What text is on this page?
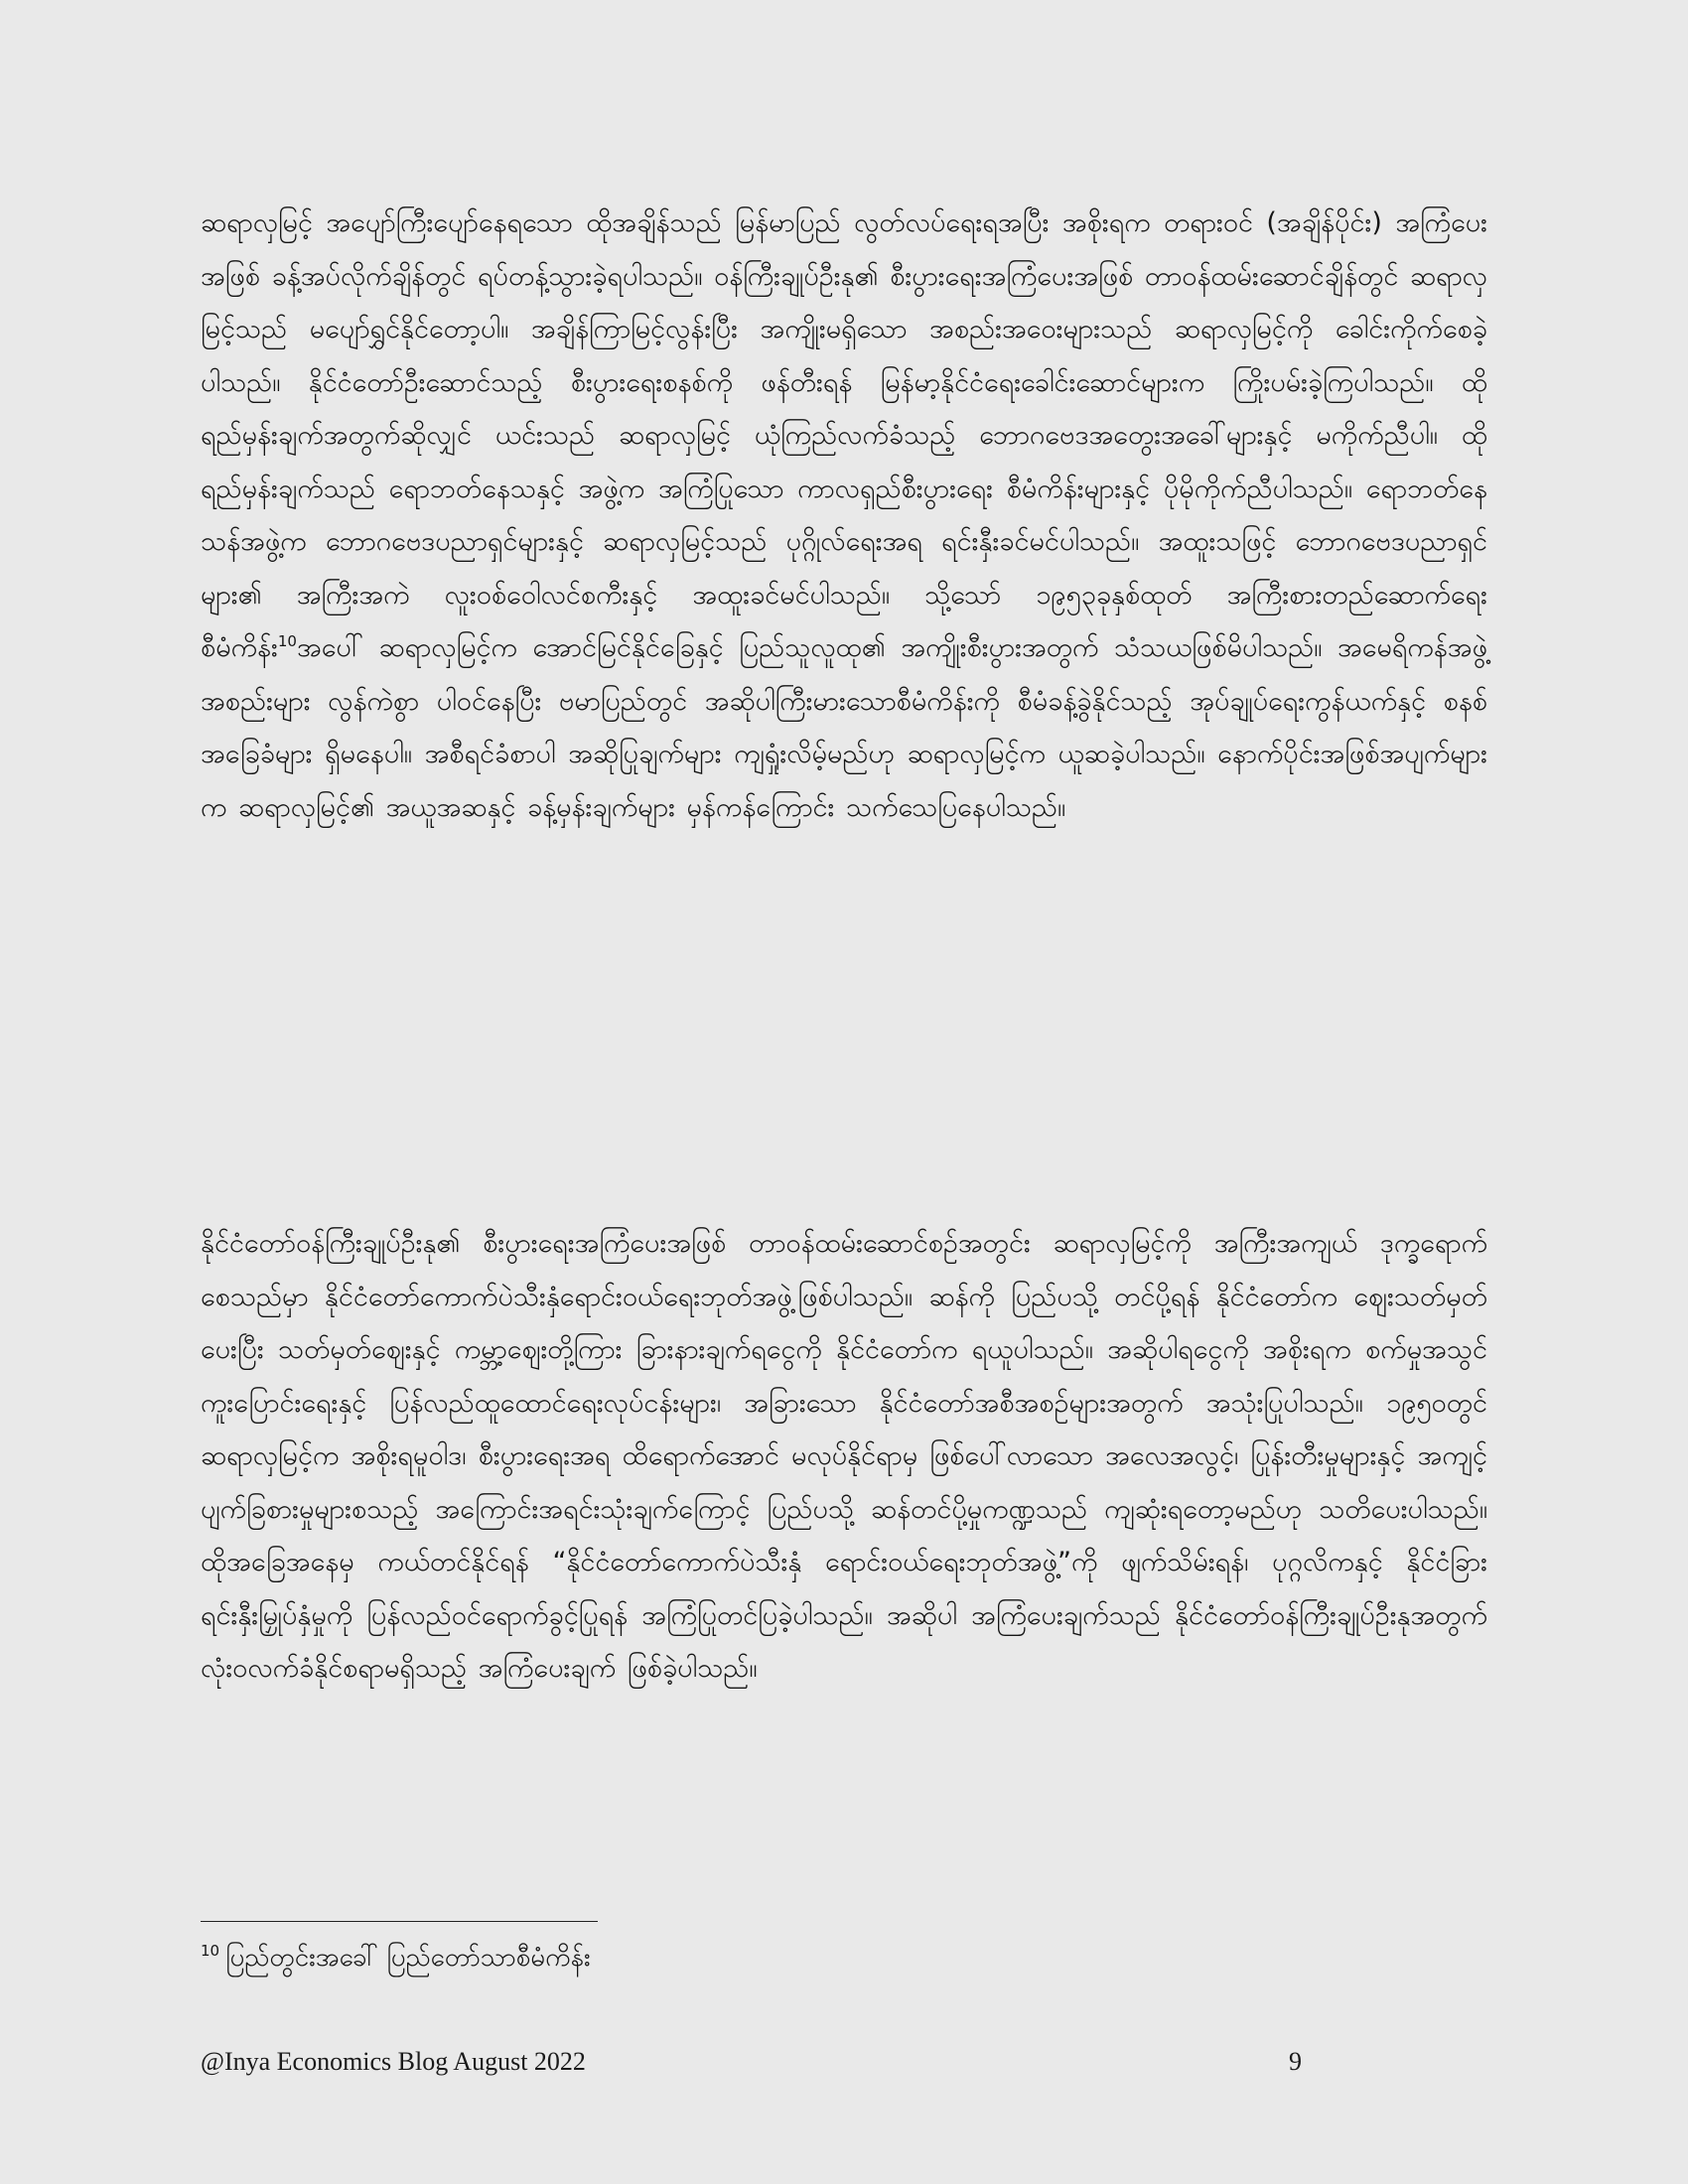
ဆရာလှမြင့် အပျော်ကြီးပျော်နေရသော ထိုအချိန်သည် မြန်မာပြည် လွတ်လပ်ရေးရအပြီး အစိုးရက တရားဝင် (အချိန်ပိုင်း) အကြံပေးအဖြစ် ခန့်အပ်လိုက်ချိန်တွင် ရပ်တန့်သွားခဲ့ရပါသည်။ ဝန်ကြီးချုပ်ဦးနု၏ စီးပွားရေးအကြံပေးအဖြစ် တာဝန်ထမ်းဆောင်ချိန်တွင် ဆရာလှမြင့်သည် မပျော်ရွှင်နိုင်တော့ပါ။ အချိန်ကြာမြင့်လွန်းပြီး အကျိုးမရှိသော အစည်းအဝေးများသည် ဆရာလှမြင့်ကို ခေါင်းကိုက်စေခဲ့ပါသည်။ နိုင်ငံတော်ဦးဆောင်သည့် စီးပွားရေးစနစ်ကို ဖန်တီးရန် မြန်မာ့နိုင်ငံရေးခေါင်းဆောင်များက ကြိုးပမ်းခဲ့ကြပါသည်။ ထိုရည်မှန်းချက်အတွက်ဆိုလျှင် ယင်းသည် ဆရာလှမြင့် ယုံကြည်လက်ခံသည့် ဘောဂဗေဒအတွေးအခေါ်များနှင့် မကိုက်ညီပါ။ ထိုရည်မှန်းချက်သည် ရောဘတ်နေသနှင့် အဖွဲ့က အကြံပြုသော ကာလရှည်စီးပွားရေး စီမံကိန်းများနှင့် ပိုမိုကိုက်ညီပါသည်။ ရောဘတ်နေသန်အဖွဲ့က ဘောဂဗေဒပညာရှင်များနှင့် ဆရာလှမြင့်သည် ပုဂ္ဂိုလ်ရေးအရ ရင်းနှီးခင်မင်ပါသည်။ အထူးသဖြင့် ဘောဂဗေဒပညာရှင်များ၏ အကြီးအကဲ လူးဝစ်ဝေါလင်စကီးနှင့် အထူးခင်မင်ပါသည်။ သို့သော် ၁၉၅၃ခုနှစ်ထုတ် အကြီးစားတည်ဆောက်ရေးစီမံကိန်း$^{10}$အပေါ် ဆရာလှမြင့်က အောင်မြင်နိုင်ခြေနှင့် ပြည်သူလူထု၏ အကျိုးစီးပွားအတွက် သံသယဖြစ်မိပါသည်။ အမေရိကန်အဖွဲ့အစည်းများ လွန်ကဲစွာ ပါဝင်နေပြီး ဗမာပြည်တွင် အဆိုပါကြီးမားသောစီမံကိန်းကို စီမံခန့်ခွဲနိုင်သည့် အုပ်ချုပ်ရေးကွန်ယက်နှင့် စနစ်အခြေခံများ ရှိမနေပါ။ အစီရင်ခံစာပါ အဆိုပြုချက်များ ကျရှုံးလိမ့်မည်ဟု ဆရာလှမြင့်က ယူဆခဲ့ပါသည်။ နောက်ပိုင်းအဖြစ်အပျက်များက ဆရာလှမြင့်၏ အယူအဆနှင့် ခန့်မှန်းချက်များ မှန်ကန်ကြောင်း သက်သေပြနေပါသည်။

နိုင်ငံတော်ဝန်ကြီးချုပ်ဦးနု၏ စီးပွားရေးအကြံပေးအဖြစ် တာဝန်ထမ်းဆောင်စဉ်အတွင်း ဆရာလှမြင့်ကို အကြီးအကျယ် ဒုက္ခရောက်စေသည်မှာ နိုင်ငံတော်ကောက်ပဲသီးနှံရောင်းဝယ်ရေးဘုတ်အဖွဲ့ဖြစ်ပါသည်။ ဆန်ကို ပြည်ပသို့ တင်ပို့ရန် နိုင်ငံတော်က ဈေးသတ်မှတ်ပေးပြီး သတ်မှတ်ဈေးနှင့် ကမ္ဘာ့ဈေးတို့ကြား ခြားနားချက်ရငွေကို နိုင်ငံတော်က ရယူပါသည်။ အဆိုပါရငွေကို အစိုးရက စက်မှုအသွင်ကူးပြောင်းရေးနှင့် ပြန်လည်ထူထောင်ရေးလုပ်ငန်းများ၊ အခြားသော နိုင်ငံတော်အစီအစဉ်များအတွက် အသုံးပြုပါသည်။ ၁၉၅၀တွင် ဆရာလှမြင့်က အစိုးရမူဝါဒ၊ စီးပွားရေးအရ ထိရောက်အောင် မလုပ်နိုင်ရာမှ ဖြစ်ပေါ်လာသော အလေအလွင့်၊ ပြုန်းတီးမှုများနှင့် အကျင့်ပျက်ခြစားမှုများစသည့် အကြောင်းအရင်းသုံးချက်ကြောင့် ပြည်ပသို့ ဆန်တင်ပို့မှုကဏ္ဍသည် ကျဆုံးရတော့မည်ဟု သတိပေးပါသည်။ ထိုအခြေအနေမှ ကယ်တင်နိုင်ရန် “နိုင်ငံတော်ကောက်ပဲသီးနှံ ရောင်းဝယ်ရေးဘုတ်အဖွဲ့”ကို ဖျက်သိမ်းရန်၊ ပုဂ္ဂလိကနှင့် နိုင်ငံခြားရင်းနှီးမြှုပ်နှံမှုကို ပြန်လည်ဝင်ရောက်ခွင့်ပြုရန် အကြံပြုတင်ပြခဲ့ပါသည်။ အဆိုပါ အကြံပေးချက်သည် နိုင်ငံတော်ဝန်ကြီးချုပ်ဦးနုအတွက် လုံးဝလက်ခံနိုင်စရာမရှိသည့် အကြံပေးချက် ဖြစ်ခဲ့ပါသည်။

$^{10}$ ပြည်တွင်းအခေါ် ပြည်တော်သာစီမံကိန်း
@Inya Economics Blog August 2022	9
